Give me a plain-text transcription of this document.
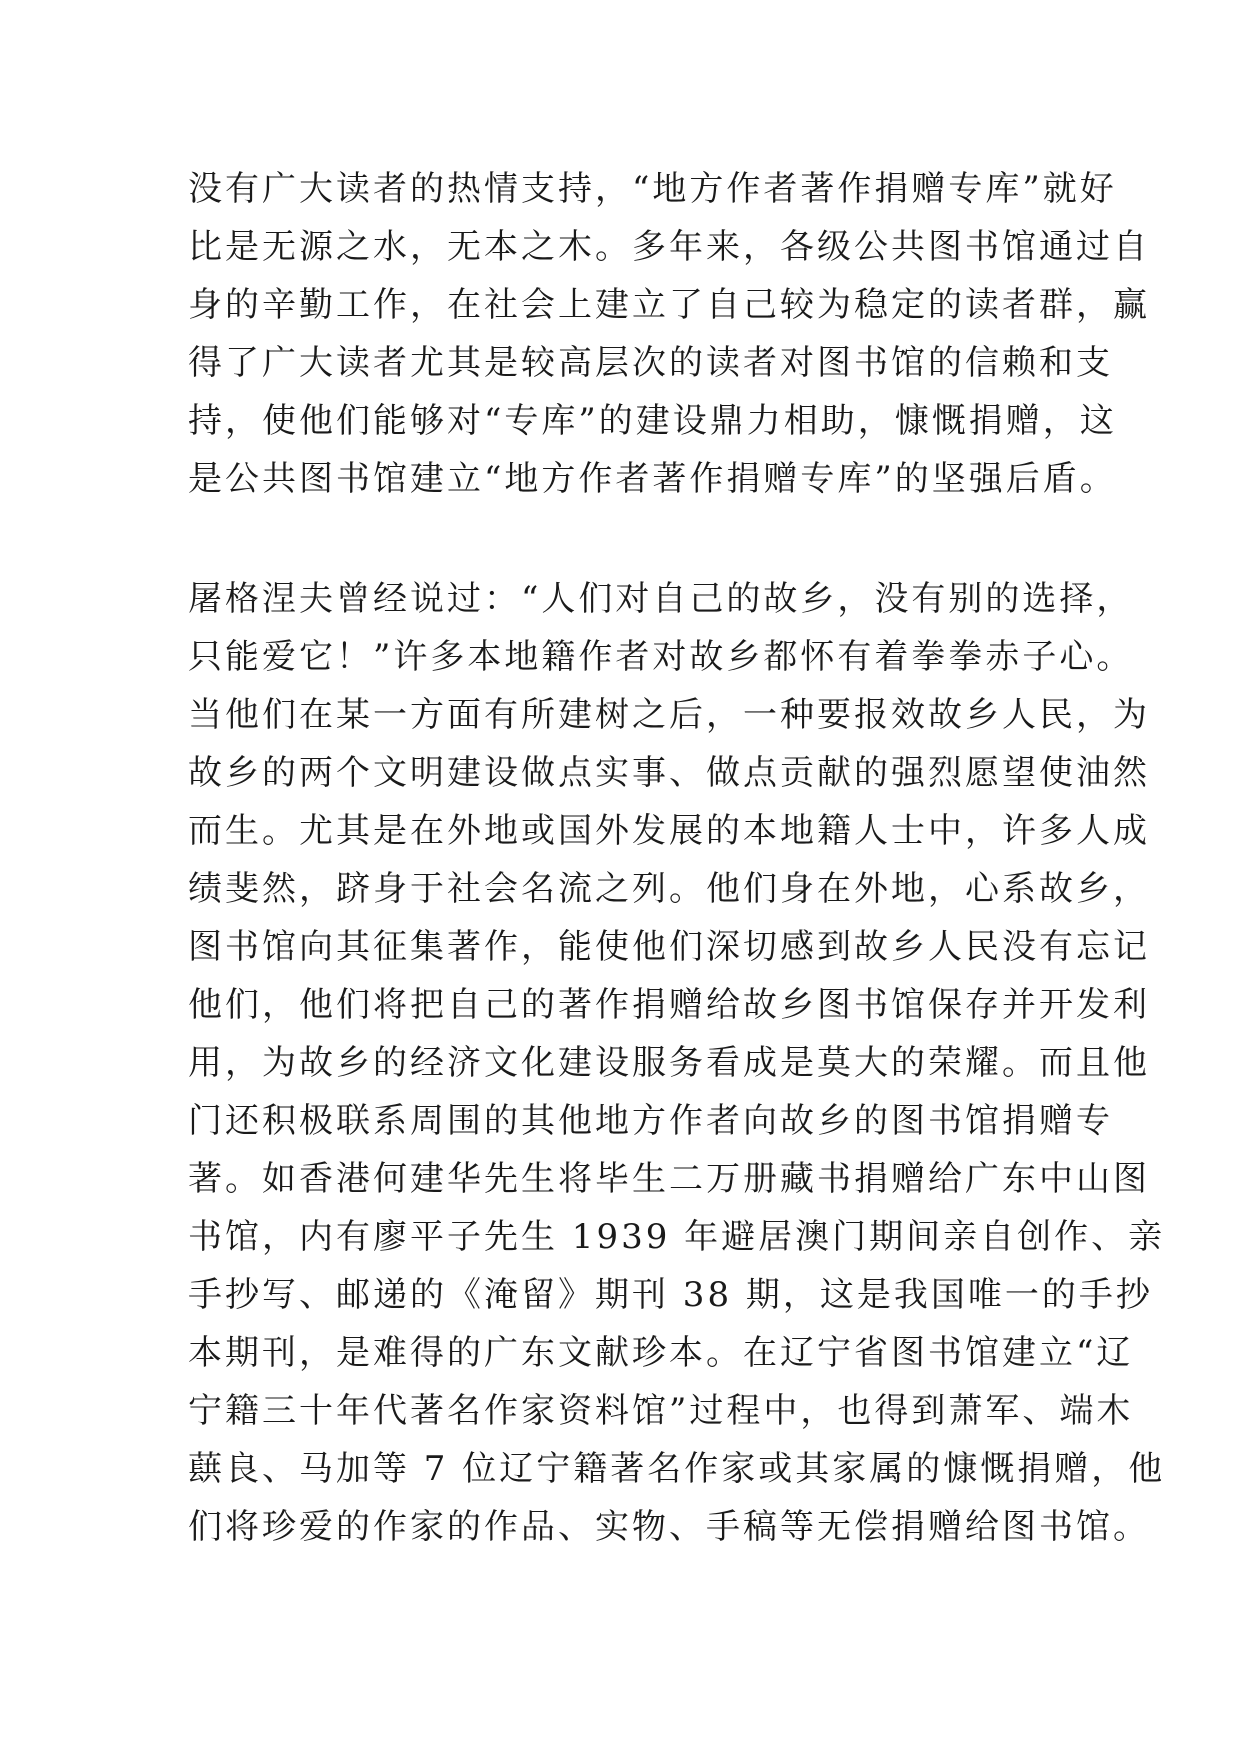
没有广大读者的热情支持，“地方作者著作捐赠专库”就好
比是无源之水，无本之木。多年来，各级公共图书馆通过自
身的辛勤工作，在社会上建立了自己较为稳定的读者群，赢
得了广大读者尤其是较高层次的读者对图书馆的信赖和支
持，使他们能够对“专库”的建设鼎力相助，慷慨捐赠，这
是公共图书馆建立“地方作者著作捐赠专库”的坚强后盾。
屠格涅夫曾经说过：“人们对自己的故乡，没有别的选择，
只能爱它！”许多本地籍作者对故乡都怀有着拳拳赤子心。
当他们在某一方面有所建树之后，一种要报效故乡人民，为
故乡的两个文明建设做点实事、做点贡献的强烈愿望使油然
而生。尤其是在外地或国外发展的本地籍人士中，许多人成
绩斐然，跻身于社会名流之列。他们身在外地，心系故乡，
图书馆向其征集著作，能使他们深切感到故乡人民没有忘记
他们，他们将把自己的著作捐赠给故乡图书馆保存并开发利
用，为故乡的经济文化建设服务看成是莫大的荣耀。而且他
门还积极联系周围的其他地方作者向故乡的图书馆捐赠专
著。如香港何建华先生将毕生二万册藏书捐赠给广东中山图
书馆，内有廖平子先生 1939 年避居澳门期间亲自创作、亲
手抄写、邮递的《淹留》期刊 38 期，这是我国唯一的手抄
本期刊，是难得的广东文献珍本。在辽宁省图书馆建立“辽
宁籍三十年代著名作家资料馆”过程中，也得到萧军、端木
蕻良、马加等 7 位辽宁籍著名作家或其家属的慷慨捐赠，他
们将珍爱的作家的作品、实物、手稿等无偿捐赠给图书馆。
